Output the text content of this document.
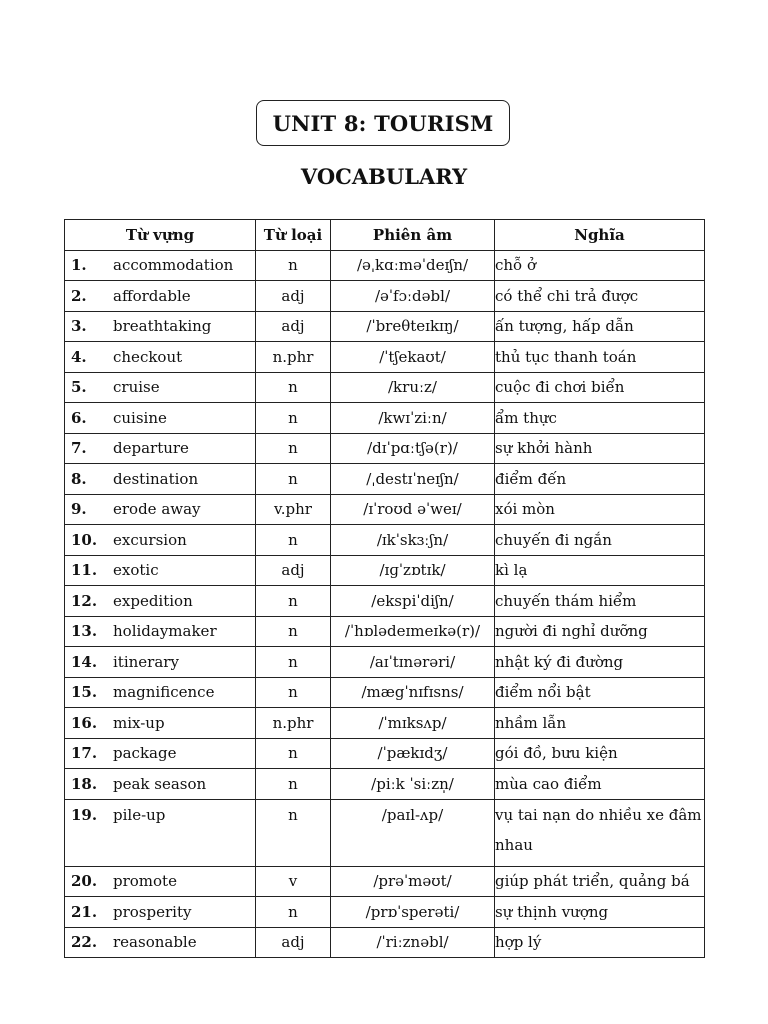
UNIT 8: TOURISM
VOCABULARY
Từ vựng	Từ loại	Phiên âm	Nghĩa
1. accommodation	n	/əˌkɑːməˈdeɪʃn/	chỗ ở
2. affordable	adj	/əˈfɔːdəbl/	có thể chi trả được
3. breathtaking	adj	/ˈbreθteɪkɪŋ/	ấn tượng, hấp dẫn
4. checkout	n.phr	/ˈtʃekaʊt/	thủ tục thanh toán
5. cruise	n	/kruːz/	cuộc đi chơi biển
6. cuisine	n	/kwɪˈziːn/	ẩm thực
7. departure	n	/dɪˈpɑːtʃə(r)/	sự khởi hành
8. destination	n	/ˌdestɪˈneɪʃn/	điểm đến
9. erode away	v.phr	/ɪˈroʊd əˈweɪ/	xói mòn
10. excursion	n	/ɪkˈskɜːʃn/	chuyến đi ngắn
11. exotic	adj	/ɪɡˈzɒtɪk/	kì lạ
12. expedition	n	/ekspiˈdiʃn/	chuyến thám hiểm
13. holidaymaker	n	/ˈhɒlədeɪmeɪkə(r)/	người đi nghỉ dưỡng
14. itinerary	n	/aɪˈtɪnərəri/	nhật ký đi đường
15. magnificence	n	/mægˈnɪfɪsns/	điểm nổi bật
16. mix-up	n.phr	/ˈmɪksʌp/	nhầm lẫn
17. package	n	/ˈpækɪdʒ/	gói đồ, bưu kiện
18. peak season	n	/piːk ˈsiːzn̩/	mùa cao điểm
19. pile-up	n	/paɪl-ʌp/	vụ tai nạn do nhiều xe đâm nhau
20. promote	v	/prəˈməʊt/	giúp phát triển, quảng bá
21. prosperity	n	/prɒˈsperəti/	sự thịnh vượng
22. reasonable	adj	/ˈriːznəbl/	hợp lý
